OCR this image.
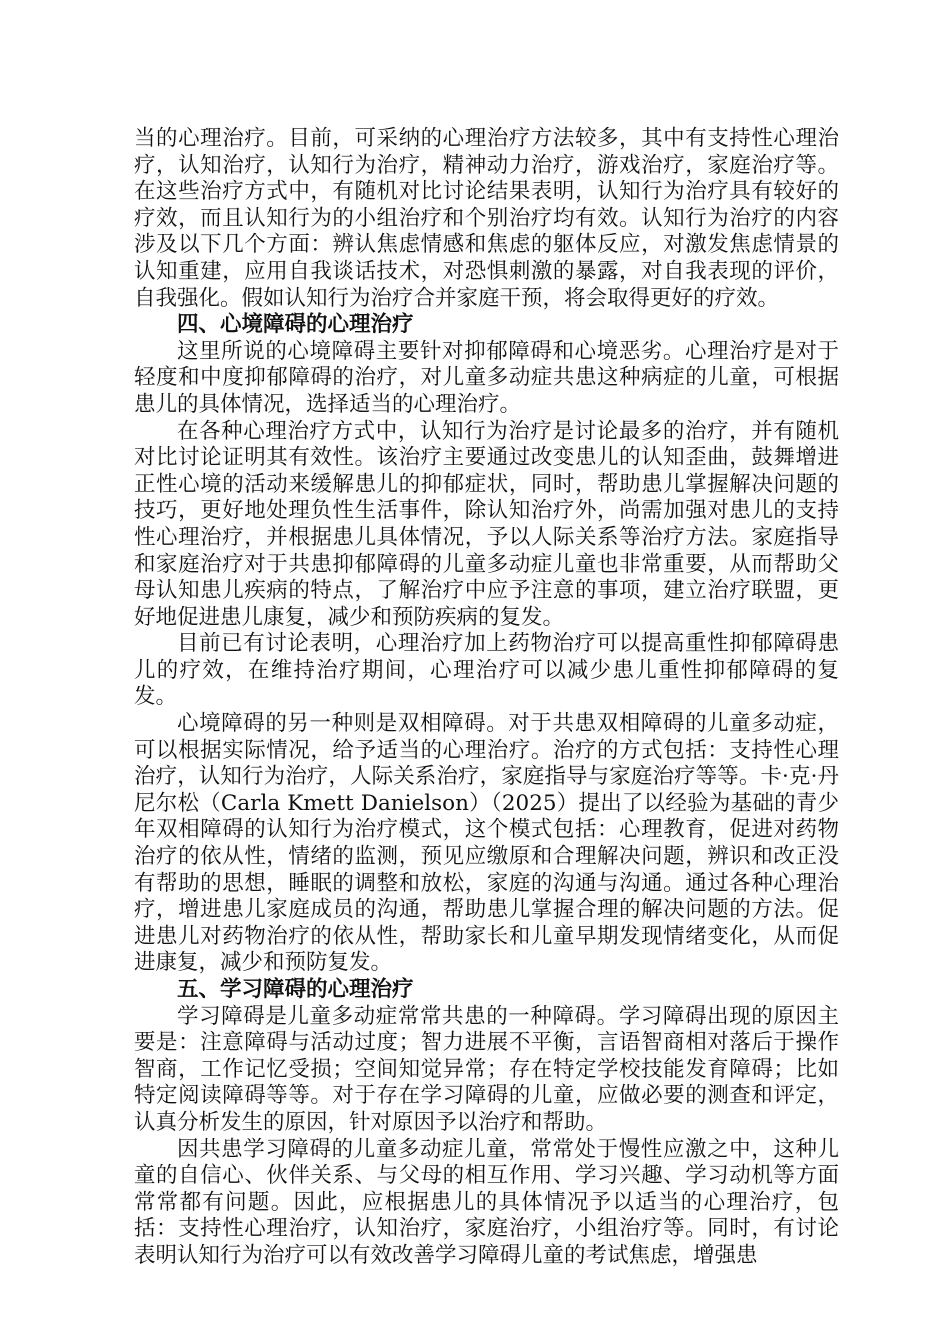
当的心理治疗。目前，可采纳的心理治疗方法较多，其中有支持性心理治疗，认知治疗，认知行为治疗，精神动力治疗，游戏治疗，家庭治疗等。在这些治疗方式中，有随机对比讨论结果表明，认知行为治疗具有较好的疗效，而且认知行为的小组治疗和个别治疗均有效。认知行为治疗的内容涉及以下几个方面：辨认焦虑情感和焦虑的躯体反应，对激发焦虑情景的认知重建，应用自我谈话技术，对恐惧刺激的暴露，对自我表现的评价，自我强化。假如认知行为治疗合并家庭干预，将会取得更好的疗效。

四、心境障碍的心理治疗

这里所说的心境障碍主要针对抑郁障碍和心境恶劣。心理治疗是对于轻度和中度抑郁障碍的治疗，对儿童多动症共患这种病症的儿童，可根据患儿的具体情况，选择适当的心理治疗。

在各种心理治疗方式中，认知行为治疗是讨论最多的治疗，并有随机对比讨论证明其有效性。该治疗主要通过改变患儿的认知歪曲，鼓舞增进正性心境的活动来缓解患儿的抑郁症状，同时，帮助患儿掌握解决问题的技巧，更好地处理负性生活事件，除认知治疗外，尚需加强对患儿的支持性心理治疗，并根据患儿具体情况，予以人际关系等治疗方法。家庭指导和家庭治疗对于共患抑郁障碍的儿童多动症儿童也非常重要，从而帮助父母认知患儿疾病的特点，了解治疗中应予注意的事项，建立治疗联盟，更好地促进患儿康复，减少和预防疾病的复发。

目前已有讨论表明，心理治疗加上药物治疗可以提高重性抑郁障碍患儿的疗效，在维持治疗期间，心理治疗可以减少患儿重性抑郁障碍的复发。

心境障碍的另一种则是双相障碍。对于共患双相障碍的儿童多动症，可以根据实际情况，给予适当的心理治疗。治疗的方式包括：支持性心理治疗，认知行为治疗，人际关系治疗，家庭指导与家庭治疗等等。卡·克·丹尼尔松（Carla Kmett Danielson）（2025）提出了以经验为基础的青少年双相障碍的认知行为治疗模式，这个模式包括：心理教育，促进对药物治疗的依从性，情绪的监测，预见应缴原和合理解决问题，辨识和改正没有帮助的思想，睡眠的调整和放松，家庭的沟通与沟通。通过各种心理治疗，增进患儿家庭成员的沟通，帮助患儿掌握合理的解决问题的方法。促进患儿对药物治疗的依从性，帮助家长和儿童早期发现情绪变化，从而促进康复，减少和预防复发。

五、学习障碍的心理治疗

学习障碍是儿童多动症常常共患的一种障碍。学习障碍出现的原因主要是：注意障碍与活动过度；智力进展不平衡，言语智商相对落后于操作智商，工作记忆受损；空间知觉异常；存在特定学校技能发育障碍；比如特定阅读障碍等等。对于存在学习障碍的儿童，应做必要的测查和评定，认真分析发生的原因，针对原因予以治疗和帮助。

因共患学习障碍的儿童多动症儿童，常常处于慢性应激之中，这种儿童的自信心、伙伴关系、与父母的相互作用、学习兴趣、学习动机等方面常常都有问题。因此，应根据患儿的具体情况予以适当的心理治疗，包括：支持性心理治疗，认知治疗，家庭治疗，小组治疗等。同时，有讨论表明认知行为治疗可以有效改善学习障碍儿童的考试焦虑，增强患
